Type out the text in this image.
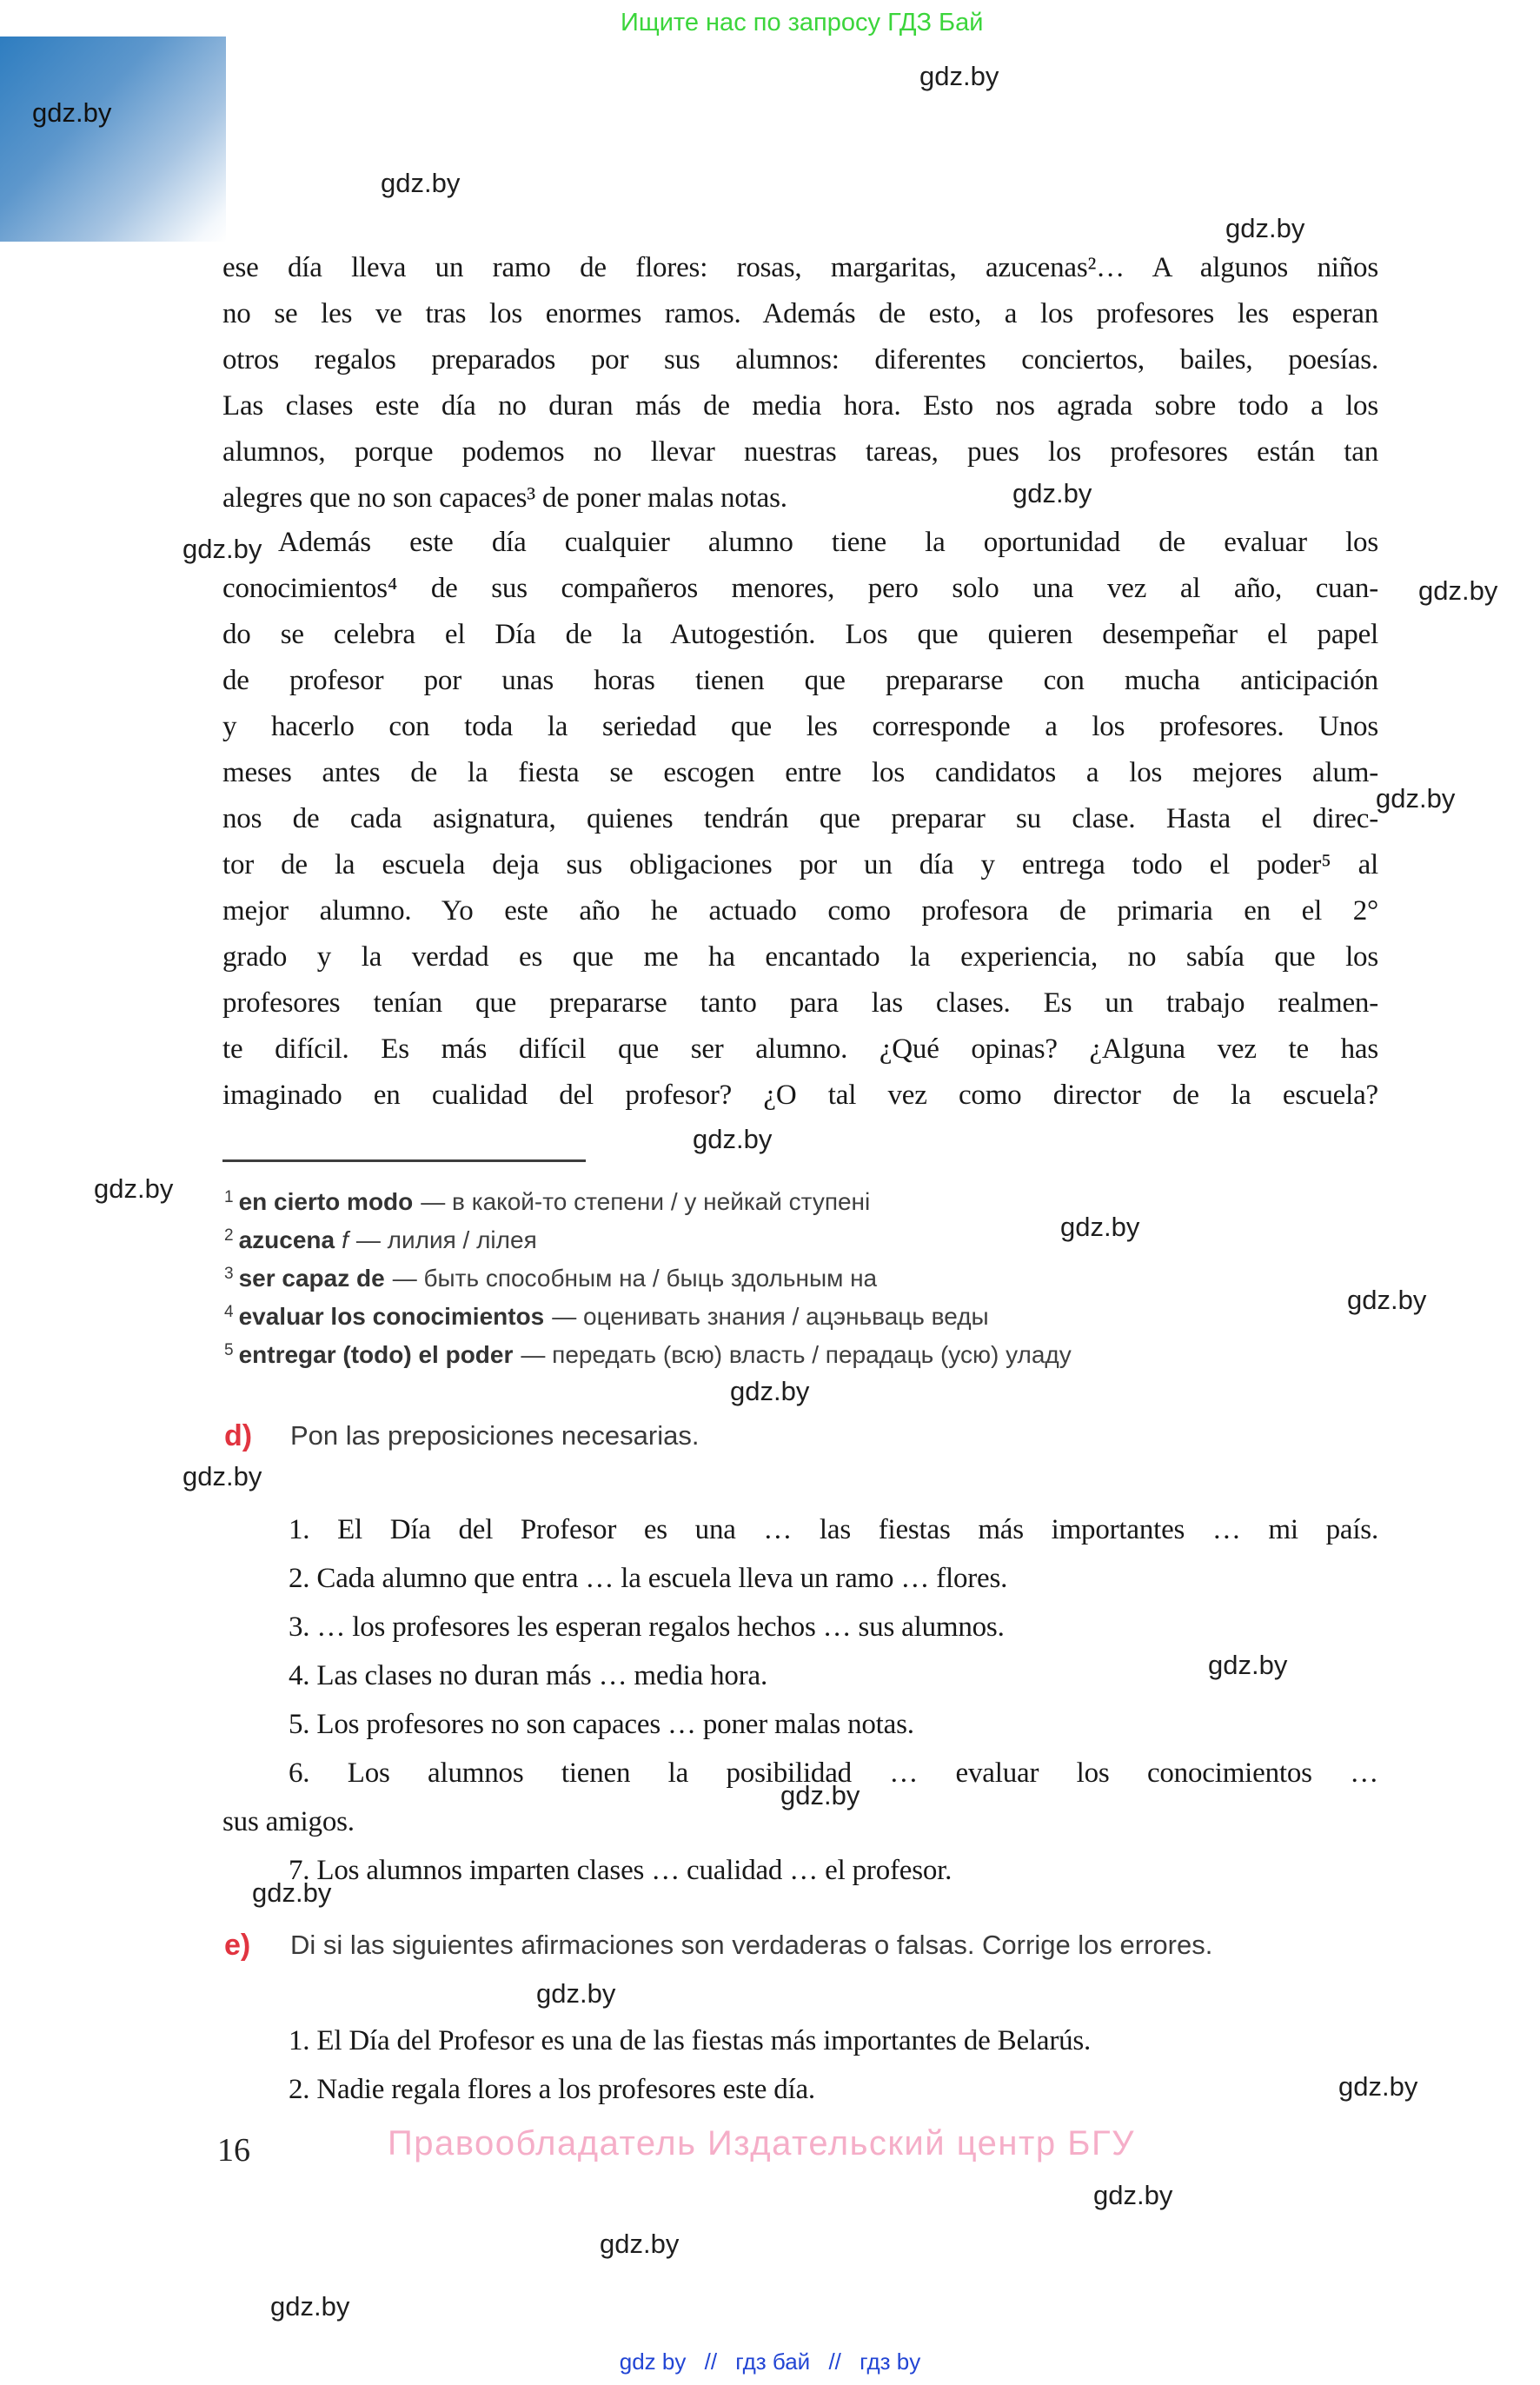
Ищите нас по запросу ГДЗ Бай
gdz.by
gdz.by
gdz.by
gdz.by
gdz.by
gdz.by
gdz.by
gdz.by
gdz.by
gdz.by
gdz.by
gdz.by
gdz.by
gdz.by
gdz.by
gdz.by
gdz.by
gdz.by
gdz.by
gdz.by
gdz.by
gdz.by
ese día lleva un ramo de flores: rosas, margaritas, azucenas²… A algunos niños
no se les ve tras los enormes ramos. Además de esto, a los profesores les esperan
otros regalos preparados por sus alumnos: diferentes conciertos, bailes, poesías.
Las clases este día no duran más de media hora. Esto nos agrada sobre todo a los
alumnos, porque podemos no llevar nuestras tareas, pues los profesores están tan
alegres que no son capaces³ de poner malas notas.
Además este día cualquier alumno tiene la oportunidad de evaluar los
conocimientos⁴ de sus compañeros menores, pero solo una vez al año, cuan-
do se celebra el Día de la Autogestión. Los que quieren desempeñar el papel
de profesor por unas horas tienen que prepararse con mucha anticipación
y hacerlo con toda la seriedad que les corresponde a los profesores. Unos
meses antes de la fiesta se escogen entre los candidatos a los mejores alum-
nos de cada asignatura, quienes tendrán que preparar su clase. Hasta el direc-
tor de la escuela deja sus obligaciones por un día y entrega todo el poder⁵ al
mejor alumno. Yo este año he actuado como profesora de primaria en el 2°
grado y la verdad es que me ha encantado la experiencia, no sabía que los
profesores tenían que prepararse tanto para las clases. Es un trabajo realmen-
te difícil. Es más difícil que ser alumno. ¿Qué opinas? ¿Alguna vez te has
imaginado en cualidad del profesor? ¿O tal vez como director de la escuela?
$^1$ en cierto modo — в какой-то степени / у нейкай ступені
$^2$ azucena f — лилия / лілея
$^3$ ser capaz de — быть способным на / быць здольным на
$^4$ evaluar los conocimientos — оценивать знания / ацэньваць веды
$^5$ entregar (todo) el poder — передать (всю) власть / перадаць (усю) уладу
d)	Pon las preposiciones necesarias.
1. El Día del Profesor es una … las fiestas más importantes … mi país.
2. Cada alumno que entra … la escuela lleva un ramo … flores.
3. … los profesores les esperan regalos hechos … sus alumnos.
4. Las clases no duran más … media hora.
5. Los profesores no son capaces … poner malas notas.
6. Los alumnos tienen la posibilidad … evaluar los conocimientos …
sus amigos.
7. Los alumnos imparten clases … cualidad … el profesor.
e)	Di si las siguientes afirmaciones son verdaderas o falsas. Corrige los errores.
1. El Día del Profesor es una de las fiestas más importantes de Belarús.
2. Nadie regala flores a los profesores este día.
16	Правообладатель Издательский центр БГУ
gdz by // гдз бай // гдз by
